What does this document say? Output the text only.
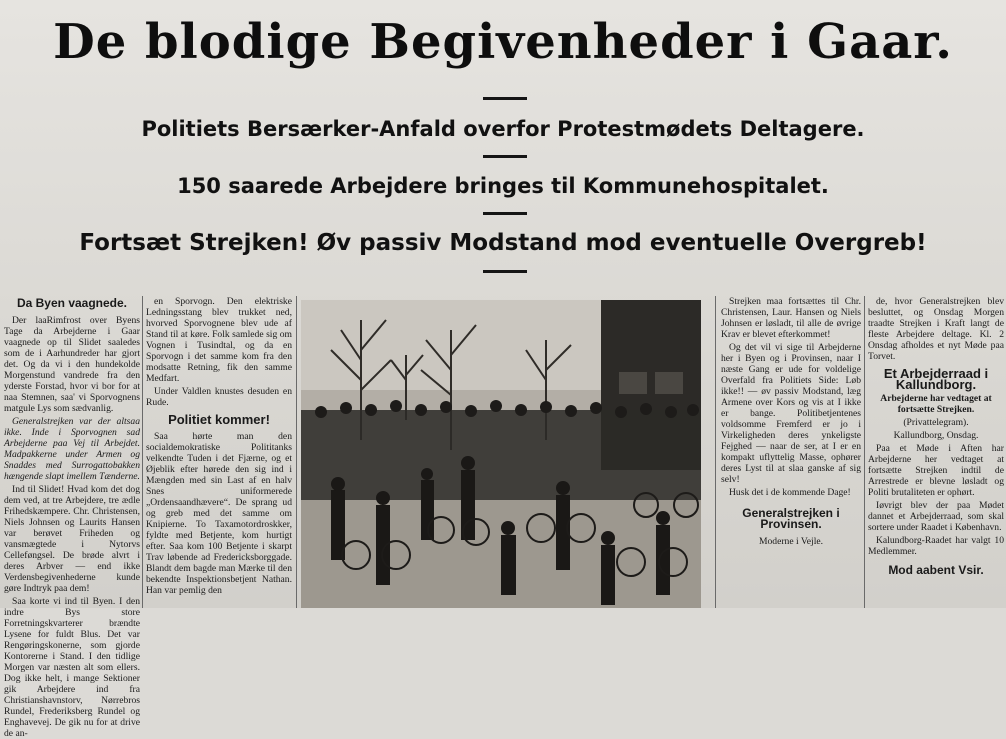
De blodige Begivenheder i Gaar.
Politiets Bersærker-Anfald overfor Protestmødets Deltagere.
150 saarede Arbejdere bringes til Kommunehospitalet.
Fortsæt Strejken! Øv passiv Modstand mod eventuelle Overgreb!
Da Byen vaagnede.

Der laaRimfrost over Byens Tage da Arbejderne i Gaar vaagnede op til Slidet saaledes som de i Aarhundreder har gjort det. Og da vi i den hundekolde Morgenstund vandrede fra den yderste Forstad, hvor vi bor for at naa Stemnen, saa' vi Sporvognens matgule Lys som sædvanlig.

Generalstrejken var der altsaa ikke. Inde i Sporvognen sad Arbejderne paa Vej til Arbejdet. Madpakkerne under Armen og Snaddes med Surrogattobakken hængende slapt imellem Tænderne.

Ind til Slidet! Hvad kom det dog dem ved, at tre Arbejdere, tre ædle Frihedskæmpere. Chr. Christensen, Niels Johnsen og Laurits Hansen var berøvet Friheden og vansmægtede i Nytorvs Celleføngsel. De brøde alvrt i deres Arbver — end ikke Verdensbegivenhederne kunde gøre Indtryk paa dem!

Saa korte vi ind til Byen. I den indre Bys store Forretningskvarterer brændte Lysene for fuldt Blus. Det var Rengøringskonerne, som gjorde Kontorerne i Stand. I den tidlige Morgen var næsten alt som ellers. Dog ikke helt, i mange Sektioner gik Arbejdere ind fra Christianshavnstorv, Nørrebros Rundel, Frederiksberg Rundel og Enghavevej. De gik nu for at drive de an-

en Sporvogn. Den elektriske Ledningsstang blev trukket ned, hvorved Sporvognene blev ude af Stand til at køre. Folk samlede sig om Vognen i Tusindtal, og da en Sporvogn i det samme kom fra den modsatte Retning, fik den samme Medfart.

Under Valdlen knustes desuden en Rude.

Politiet kommer!

Saa hørte man den socialdemokratiske Polititanks velkendte Tuden i det Fjærne, og et Øjeblik efter hørede den sig ind i Mængden med sin Last af en halv Snes uniformerede „Ordensaandhævere“. De sprang ud og greb med det samme om Knipierne. To Taxamotordroskker, fyldte med Betjente, kom hurtigt efter. Saa kom 100 Betjente i skarpt Trav løbende ad Fredericksborggade. Blandt dem bagde man Mærke til den bekendte Inspektionsbetjent Nathan. Han var pemlig den

Strejken maa fortsættes til Chr. Christensen, Laur. Hansen og Niels Johnsen er løsladt, til alle de øvrige Krav er blevet efterkommet!

Og det vil vi sige til Arbejderne her i Byen og i Provinsen, naar I næste Gang er ude for voldelige Overfald fra Politiets Side: Løb ikke!! — øv passiv Modstand, læg Armene over Kors og vis at I ikke er bange. Politibetjentenes voldsomme Fremferd er jo i Virkeligheden deres ynkeligste Fejghed — naar de ser, at I er en kompakt uflyttelig Masse, ophører deres Lyst til at slaa ganske af sig selv!

Husk det i de kommende Dage!

Generalstrejken i Provinsen.

Moderne i Vejle.

de, hvor Generalstrejken blev besluttet, og Onsdag Morgen traadte Strejken i Kraft langt de fleste Arbejdere deltage. Kl. 2 Onsdag afholdes et nyt Møde paa Torvet.

Et Arbejderraad i Kallundborg.

Arbejderne har vedtaget at fortsætte Strejken.

(Privattelegram).

Kallundborg, Onsdag.

Paa et Møde i Aften har Arbejderne her vedtaget at fortsætte Strejken indtil de Arrestrede er blevne løsladt og Politi brutaliteten er ophørt.

Iøvrigt blev der paa Mødet dannet et Arbejderraad, som skal sortere under Raadet i København.

Kalundborg-Raadet har valgt 10 Medlemmer.

Mod aabent Vsir.
